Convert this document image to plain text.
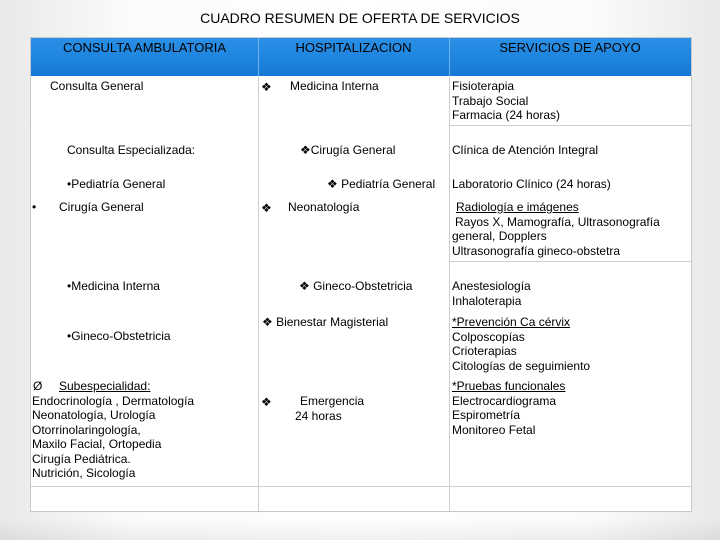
CUADRO RESUMEN DE OFERTA DE SERVICIOS
CONSULTA AMBULATORIA	HOSPITALIZACION	SERVICIOS DE APOYO
Consulta General
Consulta Especializada:
•Pediatría General
• Cirugía General
•Medicina Interna
•Gineco-Obstetricia
Ø Subespecialidad:
Endocrinología , Dermatología
Neonatología, Urología
Otorrinolaringología,
Maxilo Facial, Ortopedia
Cirugía Pediátrica.
Nutrición, Sicología
❖ Medicina Interna
❖Cirugía General
❖ Pediatría General
❖ Neonatología
❖ Gineco-Obstetricia
❖ Bienestar Magisterial
❖ Emergencia
24 horas
Fisioterapia
Trabajo Social
Farmacia (24 horas)
Clínica de Atención Integral
Laboratorio Clínico (24 horas)
Radiología e imágenes
Rayos X, Mamografía, Ultrasonografía
general, Dopplers
Ultrasonografía gineco-obstetra
Anestesiología
Inhaloterapia
*Prevención Ca cérvix
Colposcopías
Crioterapias
Citologías de seguimiento
*Pruebas funcionales
Electrocardiograma
Espirometría
Monitoreo Fetal
